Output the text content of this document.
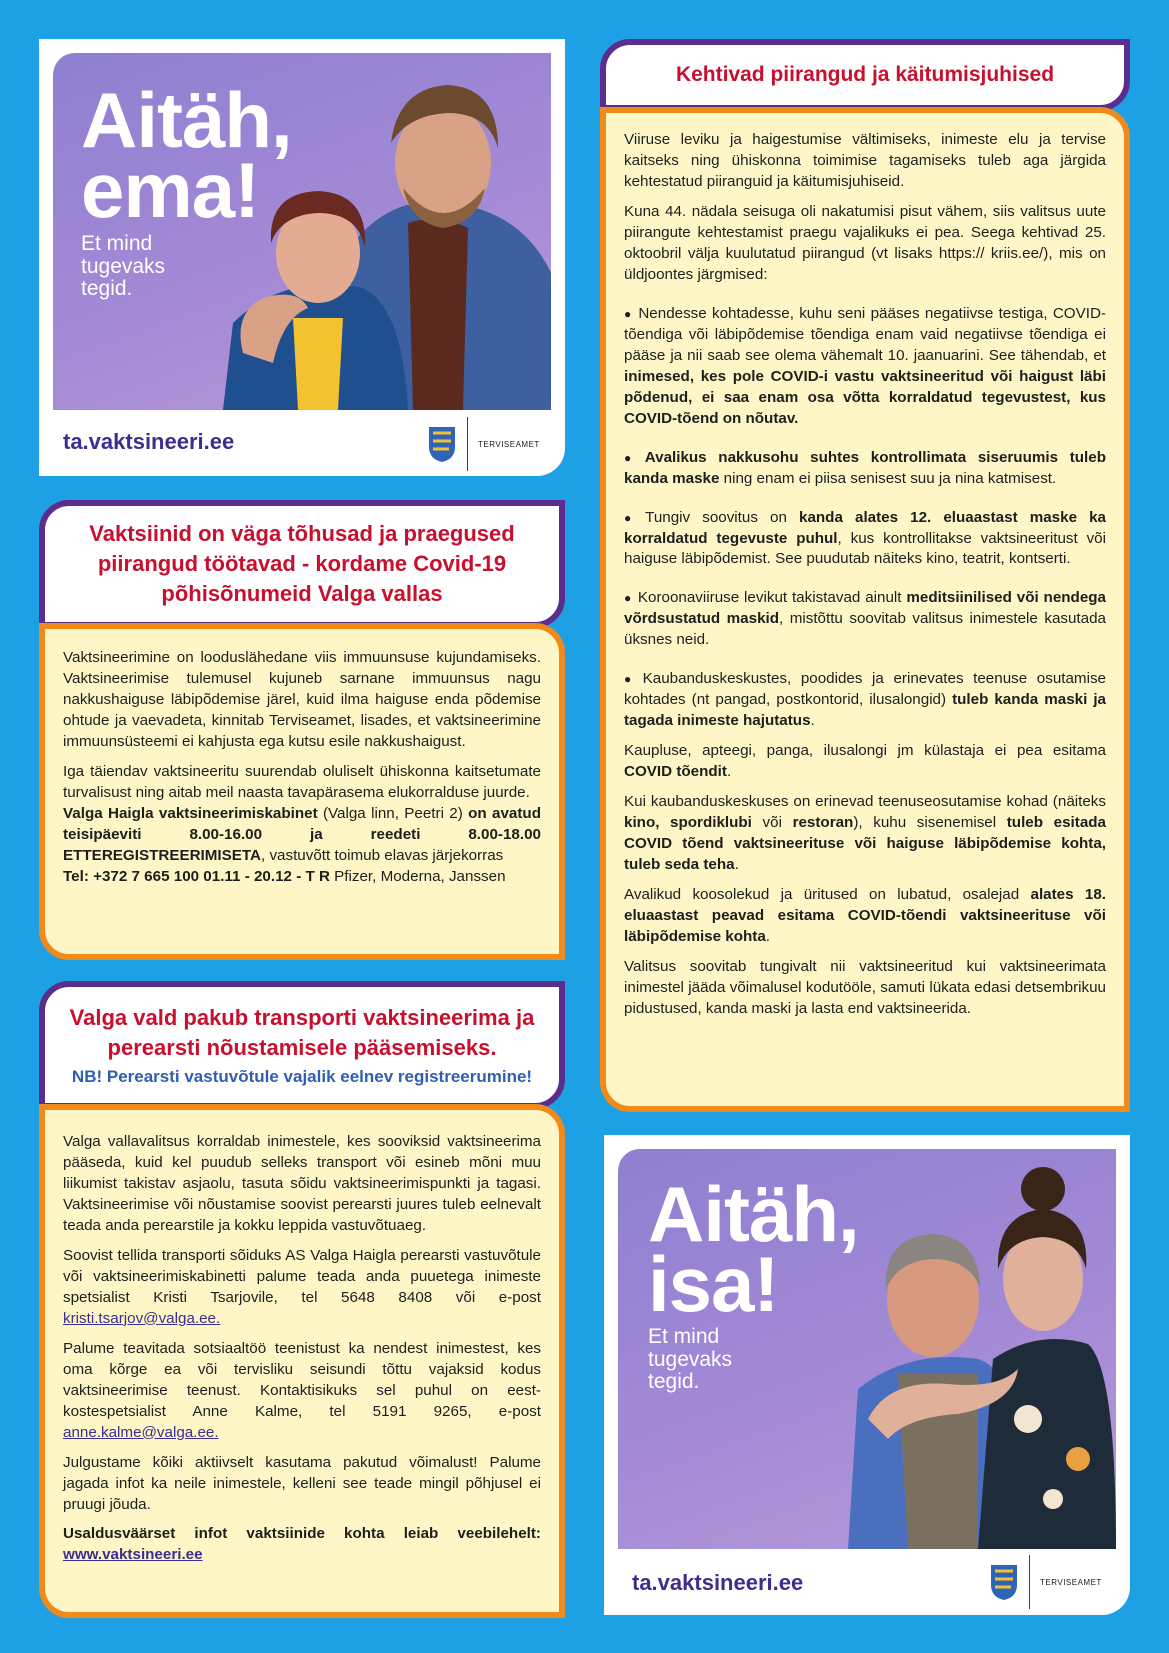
Aitäh,
ema!
Et mind
tugevaks
tegid.
ta.vaktsineeri.ee	TERVISEAMET
Kehtivad piirangud ja käitumisjuhised

Viiruse leviku ja haigestumise vältimiseks, inimeste elu ja tervise kaitseks ning ühiskonna toimimise tagamiseks tuleb aga järgida kehtestatud piiranguid ja käitumisjuhiseid.

Kuna 44. nädala seisuga oli nakatumisi pisut vähem, siis valitsus uute piirangute kehtestamist praegu vajalikuks ei pea. Seega kehtivad 25. oktoobril välja kuulutatud piirangud (vt lisaks https:// kriis.ee/), mis on üldjoontes järgmised:

● Nendesse kohtadesse, kuhu seni pääses negatiivse testiga, COVID-tõendiga või läbipõdemise tõendiga enam vaid negatiivse tõendiga ei pääse ja nii saab see olema vähemalt 10. jaanuarini. See tähendab, et inimesed, kes pole COVID-i vastu vaktsineeritud või haigust läbi põdenud, ei saa enam osa võtta korraldatud tegevustest, kus COVID-tõend on nõutav.

● Avalikus nakkusohu suhtes kontrollimata siseruumis tuleb kanda maske ning enam ei piisa senisest suu ja nina katmisest.

● Tungiv soovitus on kanda alates 12. eluaastast maske ka korraldatud tegevuste puhul, kus kontrollitakse vaktsineeritust või haiguse läbipõdemist. See puudutab näiteks kino, teatrit, kontserti.

● Koroonaviiruse levikut takistavad ainult meditsiinilised või nendega võrdsustatud maskid, mistõttu soovitab valitsus inimestele kasutada üksnes neid.

● Kaubanduskeskustes, poodides ja erinevates teenuse osutamise kohtades (nt pangad, postkontorid, ilusalongid) tuleb kanda maski ja tagada inimeste hajutatus.

Kaupluse, apteegi, panga, ilusalongi jm külastaja ei pea esitama COVID tõendit.

Kui kaubanduskeskuses on erinevad teenuseosutamise kohad (näiteks kino, spordiklubi või restoran), kuhu sisenemisel tuleb esitada COVID tõend vaktsineerituse või haiguse läbipõdemise kohta, tuleb seda teha.

Avalikud koosolekud ja üritused on lubatud, osalejad alates 18. eluaastast peavad esitama COVID-tõendi vaktsineerituse või läbipõdemise kohta.

Valitsus soovitab tungivalt nii vaktsineeritud kui vaktsineerimata inimestel jääda võimalusel kodutööle, samuti lükata edasi detsembrikuu pidustused, kanda maski ja lasta end vaktsineerida.

Vaktsiinid on väga tõhusad ja praegused piirangud töötavad - kordame Covid-19 põhisõnumeid Valga vallas

Vaktsineerimine on looduslähedane viis immuunsuse kujundamiseks. Vaktsineerimise tulemusel kujuneb sarnane immuunsus nagu nakkushaiguse läbipõdemise järel, kuid ilma haiguse enda põdemise ohtude ja vaevadeta, kinnitab Terviseamet, lisades, et vaktsineerimine immuunsüsteemi ei kahjusta ega kutsu esile nakkushaigust.

Iga täiendav vaktsineeritu suurendab oluliselt ühiskonna kaitsetumate turvalisust ning aitab meil naasta tavapärasema elukorralduse juurde.

Valga Haigla vaktsineerimiskabinet (Valga linn, Peetri 2) on avatud teisipäeviti 8.00-16.00 ja reedeti 8.00-18.00 ETTEREGISTREERIMISETA, vastuvõtt toimub elavas järjekorras
Tel: +372 7 665 100 01.11 - 20.12 - T R Pfizer, Moderna, Janssen

Valga vald pakub transporti vaktsineerima ja perearsti nõustamisele pääsemiseks.
NB! Perearsti vastuvõtule vajalik eelnev registreerumine!

Valga vallavalitsus korraldab inimestele, kes sooviksid vaktsineerima pääseda, kuid kel puudub selleks transport või esineb mõni muu liikumist takistav asjaolu, tasuta sõidu vaktsineerimispunkti ja tagasi. Vaktsineerimise või nõustamise soovist perearsti juures tuleb eelnevalt teada anda perearstile ja kokku leppida vastuvõtuaeg.

Soovist tellida transporti sõiduks AS Valga Haigla perearsti vastuvõtule või vaktsineerimiskabinetti palume teada anda puuetega inimeste spetsialist Kristi Tsarjovile, tel 5648 8408 või e-post kristi.tsarjov@valga.ee.

Palume teavitada sotsiaaltöö teenistust ka nendest inimestest, kes oma kõrge ea või tervisliku seisundi tõttu vajaksid kodus vaktsineerimise teenust. Kontaktisikuks sel puhul on eest-kostespetsialist Anne Kalme, tel 5191 9265, e-post anne.kalme@valga.ee.

Julgustame kõiki aktiivselt kasutama pakutud võimalust! Palume jagada infot ka neile inimestele, kelleni see teade mingil põhjusel ei pruugi jõuda.

Usaldusväärset infot vaktsiinide kohta leiab veebilehelt: www.vaktsineeri.ee

Aitäh,
isa!
Et mind
tugevaks
tegid.
ta.vaktsineeri.ee	TERVISEAMET
